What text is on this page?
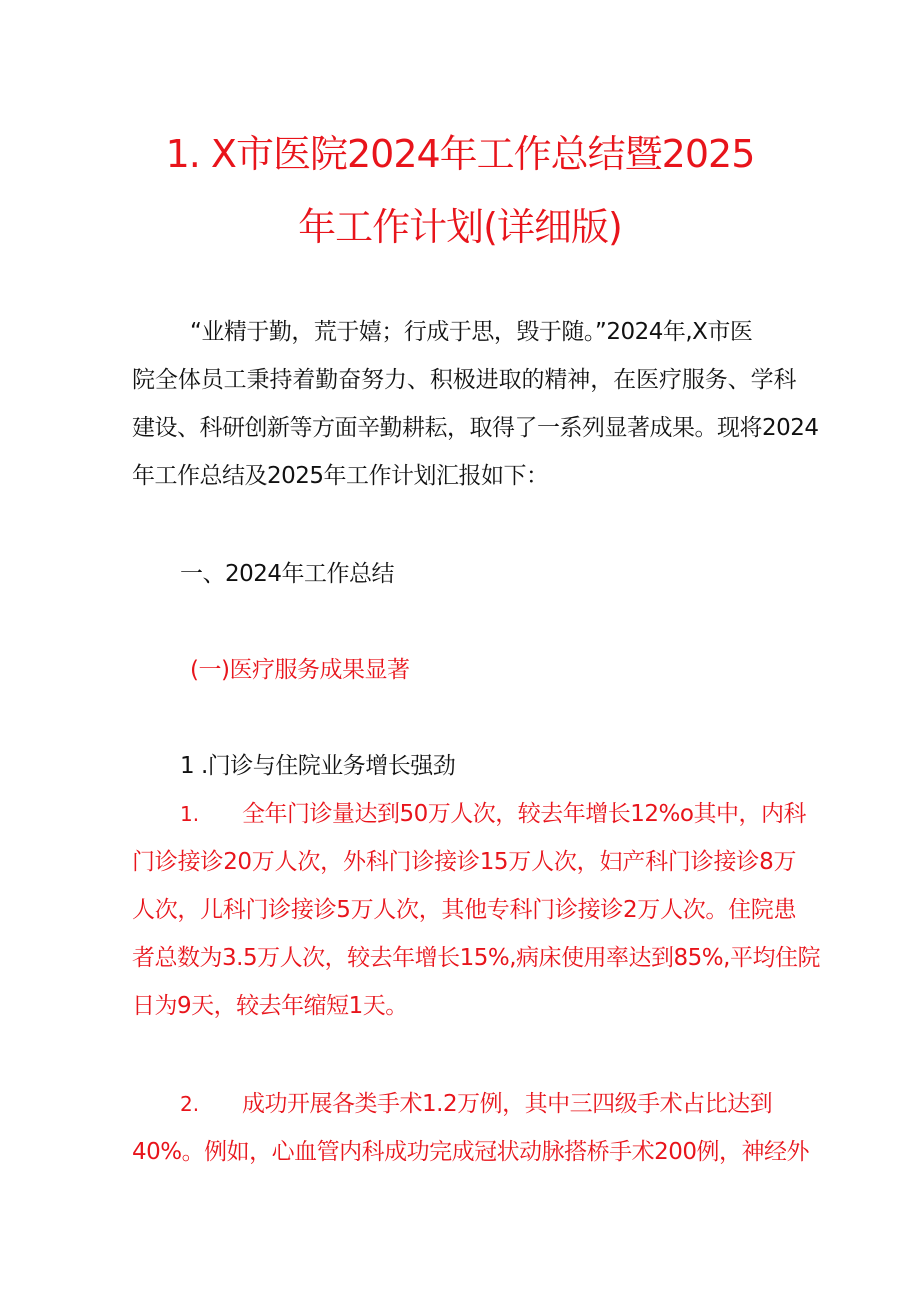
1. X市医院2024年工作总结暨2025
年工作计划(详细版)
“业精于勤，荒于嬉；行成于思，毁于随。”2024年,X市医
院全体员工秉持着勤奋努力、积极进取的精神，在医疗服务、学科
建设、科研创新等方面辛勤耕耘，取得了一系列显著成果。现将2024
年工作总结及2025年工作计划汇报如下：
一、2024年工作总结
(一)医疗服务成果显著
1 .门诊与住院业务增长强劲
1. 全年门诊量达到50万人次，较去年增长12%o其中，内科
门诊接诊20万人次，外科门诊接诊15万人次，妇产科门诊接诊8万
人次，儿科门诊接诊5万人次，其他专科门诊接诊2万人次。住院患
者总数为3.5万人次，较去年增长15%,病床使用率达到85%,平均住院
日为9天，较去年缩短1天。
2. 成功开展各类手术1.2万例，其中三四级手术占比达到
40%。例如，心血管内科成功完成冠状动脉搭桥手术200例，神经外
